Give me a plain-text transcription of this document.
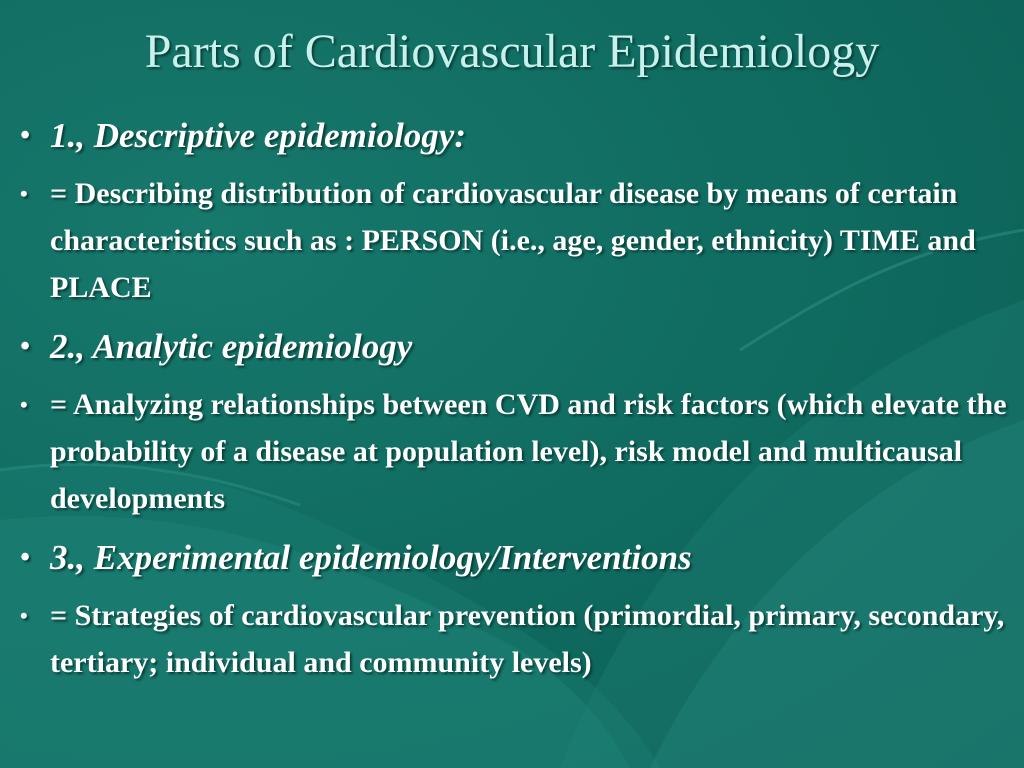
Parts of Cardiovascular Epidemiology
• 1., Descriptive epidemiology:
• = Describing distribution of cardiovascular disease by means of certain characteristics such as : PERSON (i.e., age, gender, ethnicity) TIME and PLACE
• 2., Analytic epidemiology
• = Analyzing relationships between CVD and risk factors (which elevate the probability of a disease at population level), risk model and multicausal developments
• 3., Experimental epidemiology/Interventions
• = Strategies of cardiovascular prevention (primordial, primary, secondary, tertiary; individual and community levels)
